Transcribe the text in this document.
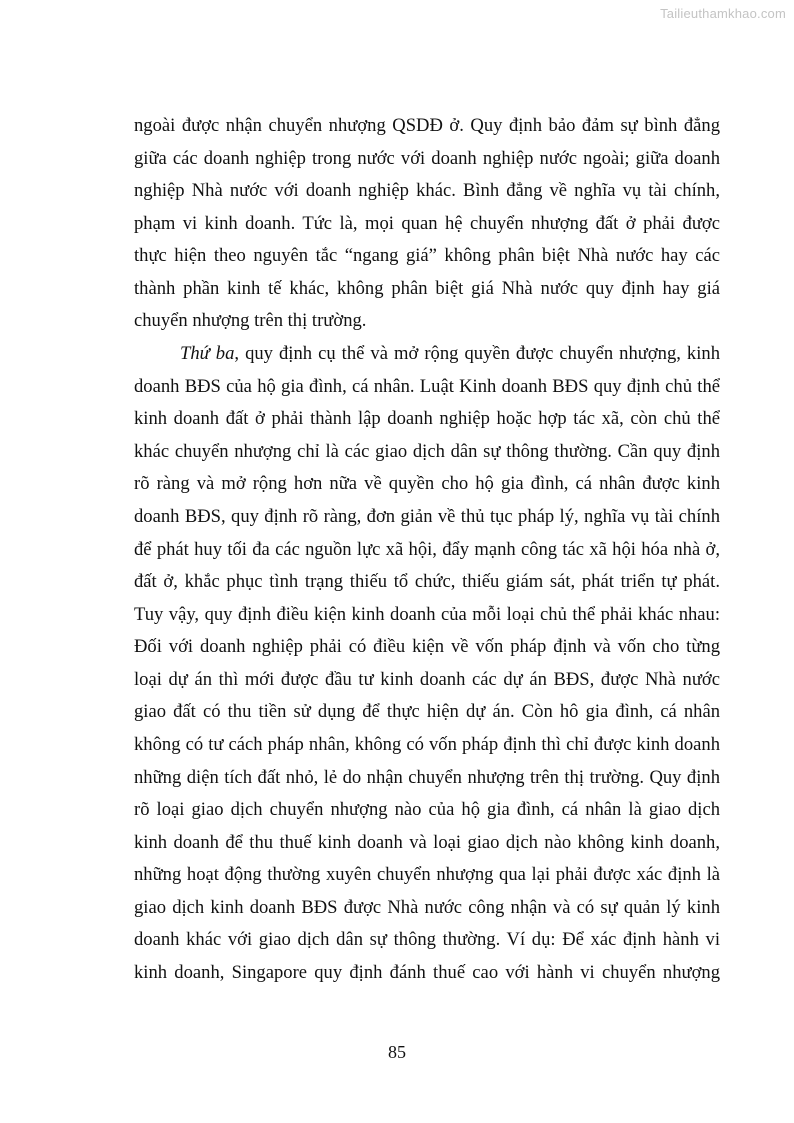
Tailieuthamkhao.com
ngoài được nhận chuyển nhượng QSDĐ ở. Quy định bảo đảm sự bình đẳng
giữa các doanh nghiệp trong nước với doanh nghiệp nước ngoài; giữa doanh
nghiệp Nhà nước với doanh nghiệp khác. Bình đẳng về nghĩa vụ tài chính,
phạm vi kinh doanh. Tức là, mọi quan hệ chuyển nhượng đất ở phải được
thực hiện theo nguyên tắc “ngang giá” không phân biệt Nhà nước hay các
thành phần kinh tế khác, không phân biệt giá Nhà nước quy định hay giá
chuyển nhượng trên thị trường.
Thứ ba, quy định cụ thể và mở rộng quyền được chuyển nhượng, kinh
doanh BĐS của hộ gia đình, cá nhân. Luật Kinh doanh BĐS quy định chủ thể
kinh doanh đất ở phải thành lập doanh nghiệp hoặc hợp tác xã, còn chủ thể
khác chuyển nhượng chỉ là các giao dịch dân sự thông thường. Cần quy định
rõ ràng và mở rộng hơn nữa về quyền cho hộ gia đình, cá nhân được kinh
doanh BĐS, quy định rõ ràng, đơn giản về thủ tục pháp lý, nghĩa vụ tài chính
để phát huy tối đa các nguồn lực xã hội, đẩy mạnh công tác xã hội hóa nhà ở,
đất ở, khắc phục tình trạng thiếu tổ chức, thiếu giám sát, phát triển tự phát.
Tuy vậy, quy định điều kiện kinh doanh của mỗi loại chủ thể phải khác nhau:
Đối với doanh nghiệp phải có điều kiện về vốn pháp định và vốn cho từng
loại dự án thì mới được đầu tư kinh doanh các dự án BĐS, được Nhà nước
giao đất có thu tiền sử dụng để thực hiện dự án. Còn hô gia đình, cá nhân
không có tư cách pháp nhân, không có vốn pháp định thì chỉ được kinh doanh
những diện tích đất nhỏ, lẻ do nhận chuyển nhượng trên thị trường. Quy định
rõ loại giao dịch chuyển nhượng nào của hộ gia đình, cá nhân là giao dịch
kinh doanh để thu thuế kinh doanh và loại giao dịch nào không kinh doanh,
những hoạt động thường xuyên chuyển nhượng qua lại phải được xác định là
giao dịch kinh doanh BĐS được Nhà nước công nhận và có sự quản lý kinh
doanh khác với giao dịch dân sự thông thường. Ví dụ: Để xác định hành vi
kinh doanh, Singapore quy định đánh thuế cao với hành vi chuyển nhượng
85
